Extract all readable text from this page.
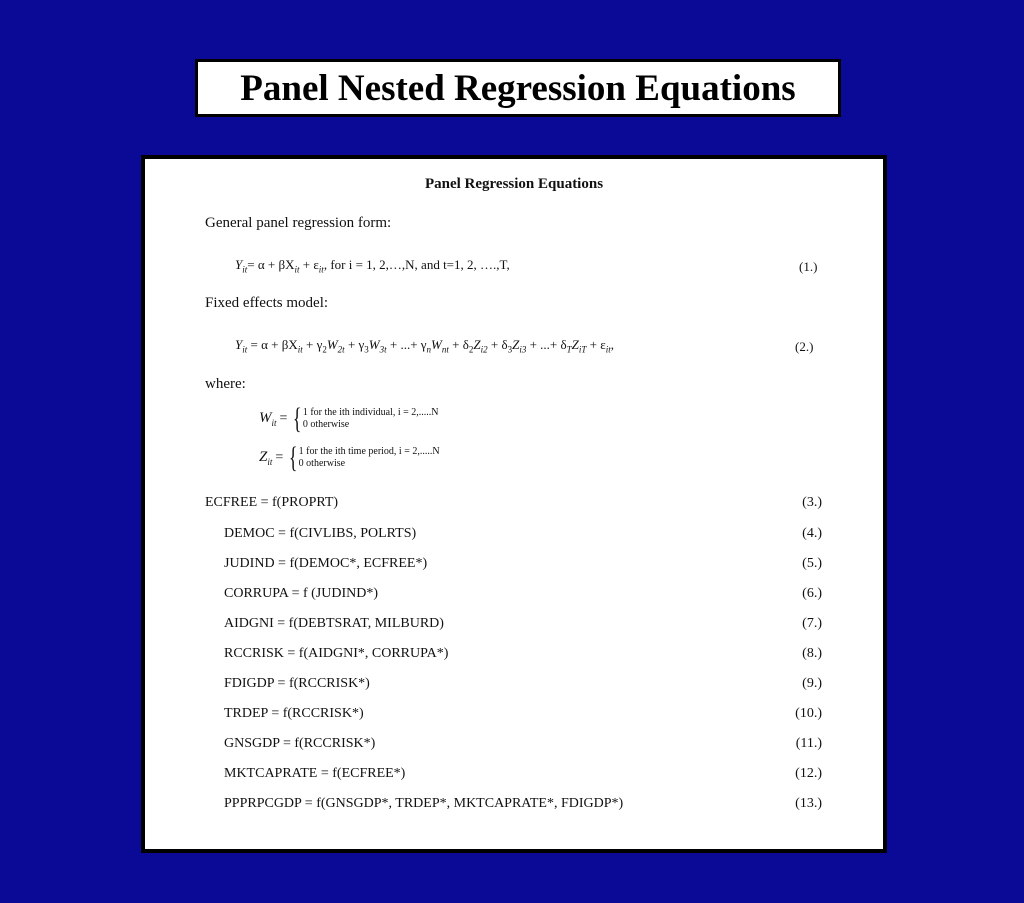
Panel Nested Regression Equations
Panel Regression Equations
General panel regression form:
$Y_{it}= \alpha + \beta X_{it} + \varepsilon_{it}$, for i = 1, 2,…,N, and t=1, 2, ….,T,	(1.)
Fixed effects model:
$Y_{it} = \alpha + \beta X_{it} + \gamma_2W_{2t} + \gamma_3W_{3t}$ + ...+ $\gamma_nW_{nt} + \delta_2Z_{i2} + \delta_3Z_{i3}$ + ...+ $\delta_TZ_{iT} + \varepsilon_{it}$,	(2.)
where:
$W_{it}$ = { 1 for the ith individual, i = 2,.....N
0 otherwise
$Z_{it}$ = { 1 for the ith time period, i = 2,.....N
0 otherwise
ECFREE = f(PROPRT)	(3.)
DEMOC = f(CIVLIBS, POLRTS)	(4.)
JUDIND = f(DEMOC*, ECFREE*)	(5.)
CORRUPA = f (JUDIND*)	(6.)
AIDGNI = f(DEBTSRAT, MILBURD)	(7.)
RCCRISK = f(AIDGNI*, CORRUPA*)	(8.)
FDIGDP = f(RCCRISK*)	(9.)
TRDEP = f(RCCRISK*)	(10.)
GNSGDP = f(RCCRISK*)	(11.)
MKTCAPRATE = f(ECFREE*)	(12.)
PPPRPCGDP = f(GNSGDP*, TRDEP*, MKTCAPRATE*, FDIGDP*)	(13.)
